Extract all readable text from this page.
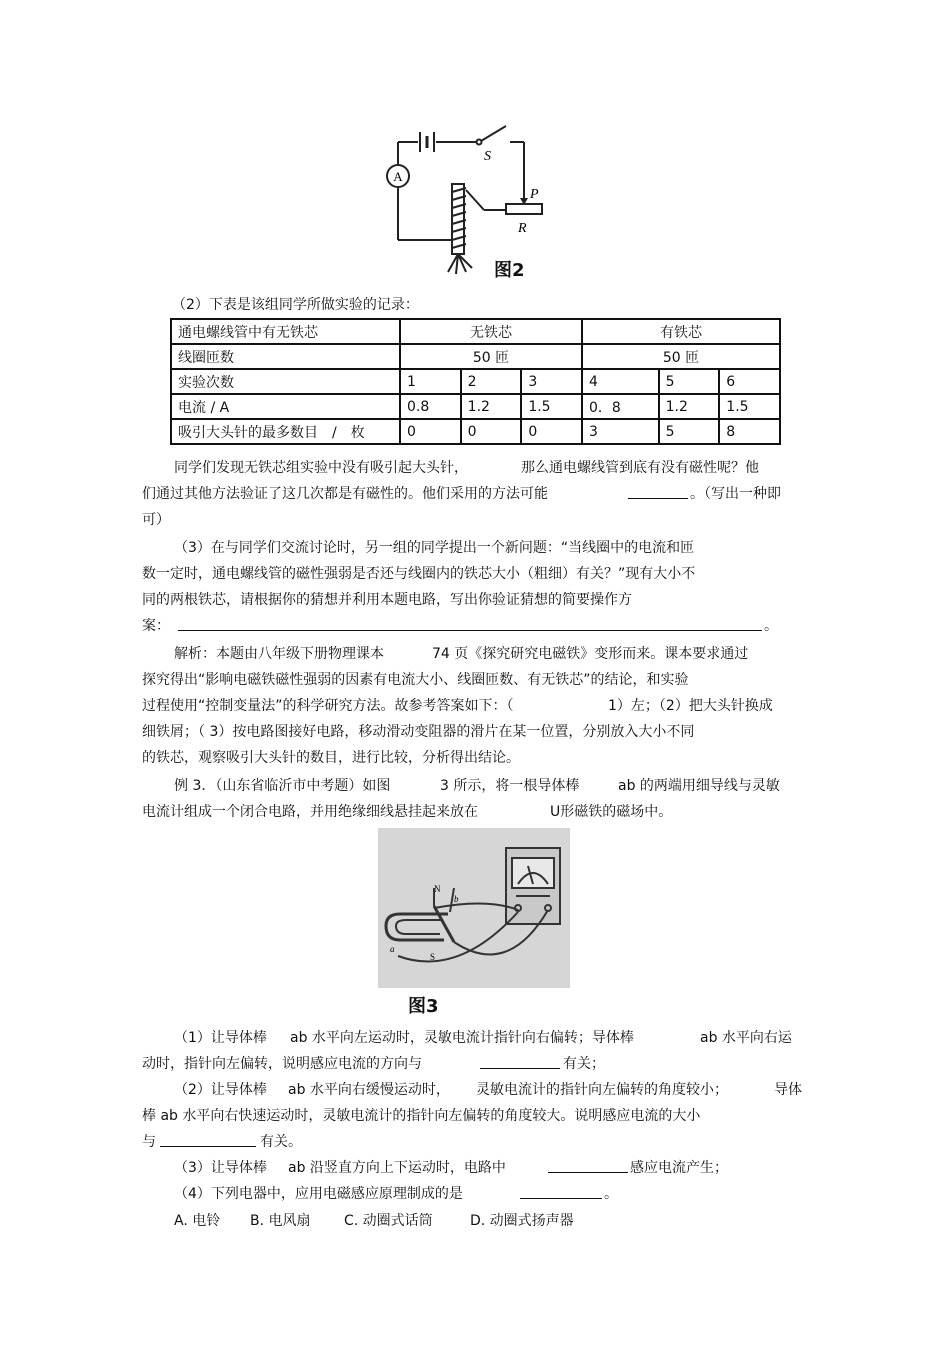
A
S
P
R
图2
（2）下表是该组同学所做实验的记录：
通电螺线管中有无铁芯	无铁芯			有铁芯		
线圈匝数	50 匝			50 匝		
实验次数	1	2	3	4	5	6
电流 / A	0.8	1.2	1.5	0．8	1.2	1.5
吸引大头针的最多数目　/　枚	0	0	0	3	5	8
同学们发现无铁芯组实验中没有吸引起大头针，	那么通电螺线管到底有没有磁性呢？他
们通过其他方法验证了这几次都是有磁性的。他们采用的方法可能	。（写出一种即
可）
（3）在与同学们交流讨论时，另一组的同学提出一个新问题：“当线圈中的电流和匝
数一定时，通电螺线管的磁性强弱是否还与线圈内的铁芯大小（粗细）有关？”现有大小不
同的两根铁芯，请根据你的猜想并利用本题电路，写出你验证猜想的简要操作方
案：	。
解析：本题由八年级下册物理课本	74 页《探究研究电磁铁》变形而来。课本要求通过
探究得出“影响电磁铁磁性强弱的因素有电流大小、线圈匝数、有无铁芯”的结论，和实验
过程使用“控制变量法”的科学研究方法。故参考答案如下：（	1）左；（2）把大头针换成
细铁屑；（ 3）按电路图接好电路，移动滑动变阻器的滑片在某一位置，分别放入大小不同
的铁芯，观察吸引大头针的数目，进行比较，分析得出结论。
例 3．（山东省临沂市中考题）如图	3 所示，将一根导体棒	ab 的两端用细导线与灵敏
电流计组成一个闭合电路，并用绝缘细线悬挂起来放在	U形磁铁的磁场中。
N
b
a
S
图3
（1）让导体棒 ab 水平向左运动时，灵敏电流计指针向右偏转；导体棒	ab 水平向右运
动时，指针向左偏转，说明感应电流的方向与	有关；
（2）让导体棒 ab 水平向右缓慢运动时， 灵敏电流计的指针向左偏转的角度较小；	导体
棒 ab 水平向右快速运动时，灵敏电流计的指针向左偏转的角度较大。说明感应电流的大小
与	有关。
（3）让导体棒 ab 沿竖直方向上下运动时，电路中	感应电流产生；
（4）下列电器中，应用电磁感应原理制成的是	。
A. 电铃 B. 电风扇 C. 动圈式话筒	D. 动圈式扬声器
